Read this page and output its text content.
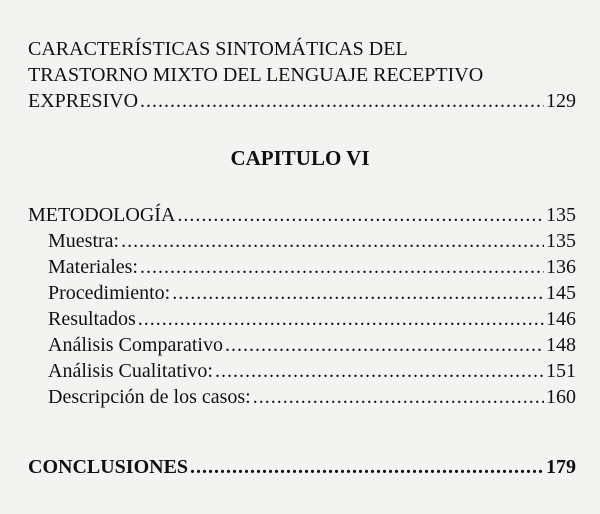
CARACTERÍSTICAS SINTOMÁTICAS DEL
TRASTORNO MIXTO DEL LENGUAJE RECEPTIVO
EXPRESIVO .....	129
CAPITULO VI
METODOLOGÍA .....	135
Muestra: .....	135
Materiales: .....	136
Procedimiento: .....	145
Resultados .....	146
Análisis Comparativo .....	148
Análisis Cualitativo: .....	151
Descripción de los casos: .....	160
CONCLUSIONES .....	179
